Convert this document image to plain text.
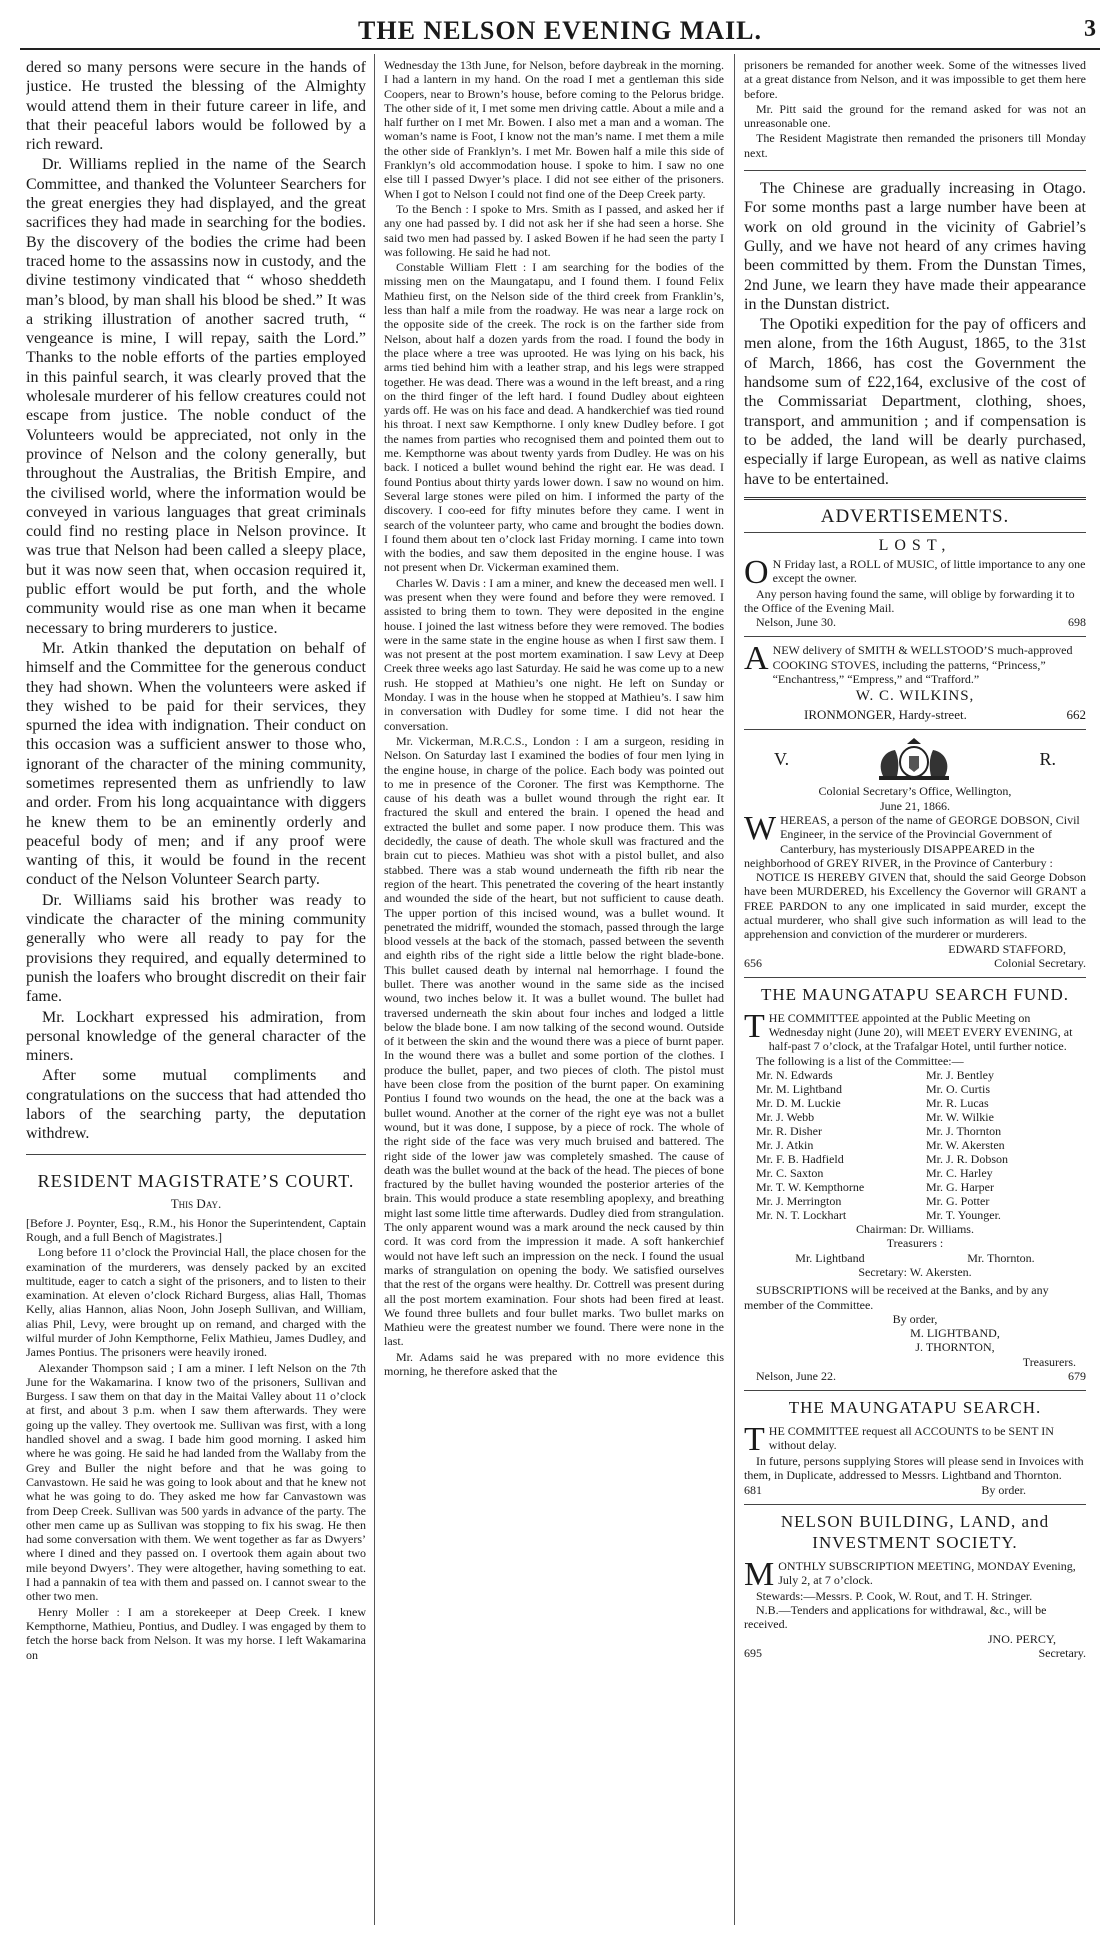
THE NELSON EVENING MAIL.	3

dered so many persons were secure in the hands of justice. He trusted the blessing of the Almighty would attend them in their future career in life, and that their peaceful labors would be followed by a rich reward.

Dr. Williams replied in the name of the Search Committee, and thanked the Volunteer Searchers for the great energies they had displayed, and the great sacrifices they had made in searching for the bodies. By the discovery of the bodies the crime had been traced home to the assassins now in custody, and the divine testimony vindicated that “ whoso sheddeth man’s blood, by man shall his blood be shed.” It was a striking illustration of another sacred truth, “ vengeance is mine, I will repay, saith the Lord.” Thanks to the noble efforts of the parties employed in this painful search, it was clearly proved that the wholesale murderer of his fellow creatures could not escape from justice. The noble conduct of the Volunteers would be appreciated, not only in the province of Nelson and the colony generally, but throughout the Australias, the British Empire, and the civilised world, where the information would be conveyed in various languages that great criminals could find no resting place in Nelson province. It was true that Nelson had been called a sleepy place, but it was now seen that, when occasion required it, public effort would be put forth, and the whole community would rise as one man when it became necessary to bring murderers to justice.

Mr. Atkin thanked the deputation on behalf of himself and the Committee for the generous conduct they had shown. When the volunteers were asked if they wished to be paid for their services, they spurned the idea with indignation. Their conduct on this occasion was a sufficient answer to those who, ignorant of the character of the mining community, sometimes represented them as unfriendly to law and order. From his long acquaintance with diggers he knew them to be an eminently orderly and peaceful body of men; and if any proof were wanting of this, it would be found in the recent conduct of the Nelson Volunteer Search party.

Dr. Williams said his brother was ready to vindicate the character of the mining community generally who were all ready to pay for the provisions they required, and equally determined to punish the loafers who brought discredit on their fair fame.

Mr. Lockhart expressed his admiration, from personal knowledge of the general character of the miners.

After some mutual compliments and congratulations on the success that had attended tho labors of the searching party, the deputation withdrew.

RESIDENT MAGISTRATE’S COURT.
This Day.

[Before J. Poynter, Esq., R.M., his Honor the Superintendent, Captain Rough, and a full Bench of Magistrates.]

Long before 11 o’clock the Provincial Hall, the place chosen for the examination of the murderers, was densely packed by an excited multitude, eager to catch a sight of the prisoners, and to listen to their examination. At eleven o’clock Richard Burgess, alias Hall, Thomas Kelly, alias Hannon, alias Noon, John Joseph Sullivan, and William, alias Phil, Levy, were brought up on remand, and charged with the wilful murder of John Kempthorne, Felix Mathieu, James Dudley, and James Pontius. The prisoners were heavily ironed.

Alexander Thompson said ; I am a miner. I left Nelson on the 7th June for the Wakamarina. I know two of the prisoners, Sullivan and Burgess. I saw them on that day in the Maitai Valley about 11 o’clock at first, and about 3 p.m. when I saw them afterwards. They were going up the valley. They overtook me. Sullivan was first, with a long handled shovel and a swag. I bade him good morning. I asked him where he was going. He said he had landed from the Wallaby from the Grey and Buller the night before and that he was going to Canvastown. He said he was going to look about and that he knew not what he was going to do. They asked me how far Canvastown was from Deep Creek. Sullivan was 500 yards in advance of the party. The other men came up as Sullivan was stopping to fix his swag. He then had some conversation with them. We went together as far as Dwyers’ where I dined and they passed on. I overtook them again about two mile beyond Dwyers’. They were altogether, having something to eat. I had a pannakin of tea with them and passed on. I cannot swear to the other two men.

Henry Moller : I am a storekeeper at Deep Creek. I knew Kempthorne, Mathieu, Pontius, and Dudley. I was engaged by them to fetch the horse back from Nelson. It was my horse. I left Wakamarina on

Wednesday the 13th June, for Nelson, before daybreak in the morning. I had a lantern in my hand. On the road I met a gentleman this side Coopers, near to Brown’s house, before coming to the Pelorus bridge. The other side of it, I met some men driving cattle. About a mile and a half further on I met Mr. Bowen. I also met a man and a woman. The woman’s name is Foot, I know not the man’s name. I met them a mile the other side of Franklyn’s. I met Mr. Bowen half a mile this side of Franklyn’s old accommodation house. I spoke to him. I saw no one else till I passed Dwyer’s place. I did not see either of the prisoners. When I got to Nelson I could not find one of the Deep Creek party.

To the Bench : I spoke to Mrs. Smith as I passed, and asked her if any one had passed by. I did not ask her if she had seen a horse. She said two men had passed by. I asked Bowen if he had seen the party I was following. He said he had not.

Constable William Flett : I am searching for the bodies of the missing men on the Maungatapu, and I found them. I found Felix Mathieu first, on the Nelson side of the third creek from Franklin’s, less than half a mile from the roadway. He was near a large rock on the opposite side of the creek. The rock is on the farther side from Nelson, about half a dozen yards from the road. I found the body in the place where a tree was uprooted. He was lying on his back, his arms tied behind him with a leather strap, and his legs were strapped together. He was dead. There was a wound in the left breast, and a ring on the third finger of the left hard. I found Dudley about eighteen yards off. He was on his face and dead. A handkerchief was tied round his throat. I next saw Kempthorne. I only knew Dudley before. I got the names from parties who recognised them and pointed them out to me. Kempthorne was about twenty yards from Dudley. He was on his back. I noticed a bullet wound behind the right ear. He was dead. I found Pontius about thirty yards lower down. I saw no wound on him. Several large stones were piled on him. I informed the party of the discovery. I coo-eed for fifty minutes before they came. I went in search of the volunteer party, who came and brought the bodies down. I found them about ten o’clock last Friday morning. I came into town with the bodies, and saw them deposited in the engine house. I was not present when Dr. Vickerman examined them.

Charles W. Davis : I am a miner, and knew the deceased men well. I was present when they were found and before they were removed. I assisted to bring them to town. They were deposited in the engine house. I joined the last witness before they were removed. The bodies were in the same state in the engine house as when I first saw them. I was not present at the post mortem examination. I saw Levy at Deep Creek three weeks ago last Saturday. He said he was come up to a new rush. He stopped at Mathieu’s one night. He left on Sunday or Monday. I was in the house when he stopped at Mathieu’s. I saw him in conversation with Dudley for some time. I did not hear the conversation.

Mr. Vickerman, M.R.C.S., London : I am a surgeon, residing in Nelson. On Saturday last I examined the bodies of four men lying in the engine house, in charge of the police. Each body was pointed out to me in presence of the Coroner. The first was Kempthorne. The cause of his death was a bullet wound through the right ear. It fractured the skull and entered the brain. I opened the head and extracted the bullet and some paper. I now produce them. This was decidedly, the cause of death. The whole skull was fractured and the brain cut to pieces. Mathieu was shot with a pistol bullet, and also stabbed. There was a stab wound underneath the fifth rib near the region of the heart. This penetrated the covering of the heart instantly and wounded the side of the heart, but not sufficient to cause death. The upper portion of this incised wound, was a bullet wound. It penetrated the midriff, wounded the stomach, passed through the large blood vessels at the back of the stomach, passed between the seventh and eighth ribs of the right side a little below the right blade-bone. This bullet caused death by internal nal hemorrhage. I found the bullet. There was another wound in the same side as the incised wound, two inches below it. It was a bullet wound. The bullet had traversed underneath the skin about four inches and lodged a little below the blade bone. I am now talking of the second wound. Outside of it between the skin and the wound there was a piece of burnt paper. In the wound there was a bullet and some portion of the clothes. I produce the bullet, paper, and two pieces of cloth. The pistol must have been close from the position of the burnt paper. On examining Pontius I found two wounds on the head, the one at the back was a bullet wound. Another at the corner of the right eye was not a bullet wound, but it was done, I suppose, by a piece of rock. The whole of the right side of the face was very much bruised and battered. The right side of the lower jaw was completely smashed. The cause of death was the bullet wound at the back of the head. The pieces of bone fractured by the bullet having wounded the posterior arteries of the brain. This would produce a state resembling apoplexy, and breathing might last some little time afterwards. Dudley died from strangulation. The only apparent wound was a mark around the neck caused by thin cord. It was cord from the impression it made. A soft hankerchief would not have left such an impression on the neck. I found the usual marks of strangulation on opening the body. We satisfied ourselves that the rest of the organs were healthy. Dr. Cottrell was present during all the post mortem examination. Four shots had been fired at least. We found three bullets and four bullet marks. Two bullet marks on Mathieu were the greatest number we found. There were none in the last.

Mr. Adams said he was prepared with no more evidence this morning, he therefore asked that the

prisoners be remanded for another week. Some of the witnesses lived at a great distance from Nelson, and it was impossible to get them here before.

Mr. Pitt said the ground for the remand asked for was not an unreasonable one.

The Resident Magistrate then remanded the prisoners till Monday next.

The Chinese are gradually increasing in Otago. For some months past a large number have been at work on old ground in the vicinity of Gabriel’s Gully, and we have not heard of any crimes having been committed by them. From the Dunstan Times, 2nd June, we learn they have made their appearance in the Dunstan district.

The Opotiki expedition for the pay of officers and men alone, from the 16th August, 1865, to the 31st of March, 1866, has cost the Government the handsome sum of £22,164, exclusive of the cost of the Commissariat Department, clothing, shoes, transport, and ammunition ; and if compensation is to be added, the land will be dearly purchased, especially if large European, as well as native claims have to be entertained.

ADVERTISEMENTS.
LOST,
O N Friday last, a ROLL of MUSIC, of little importance to any one except the owner.
Any person having found the same, will oblige by forwarding it to the Office of the Evening Mail.
Nelson, June 30.	698
A NEW delivery of SMITH & WELLSTOOD’S much-approved COOKING STOVES, including the patterns, “Princess,” “Enchantress,” “Empress,” and “Trafford.”
W. C. WILKINS,
IRONMONGER, Hardy-street.	662
V.	R.
Colonial Secretary’s Office, Wellington,
June 21, 1866.
W HEREAS, a person of the name of GEORGE DOBSON, Civil Engineer, in the service of the Provincial Government of Canterbury, has mysteriously DISAPPEARED in the neighborhood of GREY RIVER, in the Province of Canterbury :
NOTICE IS HEREBY GIVEN that, should the said George Dobson have been MURDERED, his Excellency the Governor will GRANT a FREE PARDON to any one implicated in said murder, except the actual murderer, who shall give such information as will lead to the apprehension and conviction of the murderer or murderers.
EDWARD STAFFORD,
656	Colonial Secretary.
THE MAUNGATAPU SEARCH FUND.
T HE COMMITTEE appointed at the Public Meeting on Wednesday night (June 20), will MEET EVERY EVENING, at half-past 7 o’clock, at the Trafalgar Hotel, until further notice.
The following is a list of the Committee:—
Mr. N. Edwards	Mr. J. Bentley
Mr. M. Lightband	Mr. O. Curtis
Mr. D. M. Luckie	Mr. R. Lucas
Mr. J. Webb	Mr. W. Wilkie
Mr. R. Disher	Mr. J. Thornton
Mr. J. Atkin	Mr. W. Akersten
Mr. F. B. Hadfield	Mr. J. R. Dobson
Mr. C. Saxton	Mr. C. Harley
Mr. T. W. Kempthorne	Mr. G. Harper
Mr. J. Merrington	Mr. G. Potter
Mr. N. T. Lockhart	Mr. T. Younger.
Chairman: Dr. Williams.
Treasurers :
Mr. Lightband	Mr. Thornton.
Secretary: W. Akersten.
SUBSCRIPTIONS will be received at the Banks, and by any member of the Committee.
By order,
M. LIGHTBAND,
J. THORNTON,
Treasurers.
Nelson, June 22.	679
THE MAUNGATAPU SEARCH.
T HE COMMITTEE request all ACCOUNTS to be SENT IN without delay.
In future, persons supplying Stores will please send in Invoices with them, in Duplicate, addressed to Messrs. Lightband and Thornton.
681	By order.
NELSON BUILDING, LAND, and INVESTMENT SOCIETY.
M ONTHLY SUBSCRIPTION MEETING, MONDAY Evening, July 2, at 7 o’clock.
Stewards:—Messrs. P. Cook, W. Rout, and T. H. Stringer.
N.B.—Tenders and applications for withdrawal, &c., will be received.
JNO. PERCY,
695	Secretary.
